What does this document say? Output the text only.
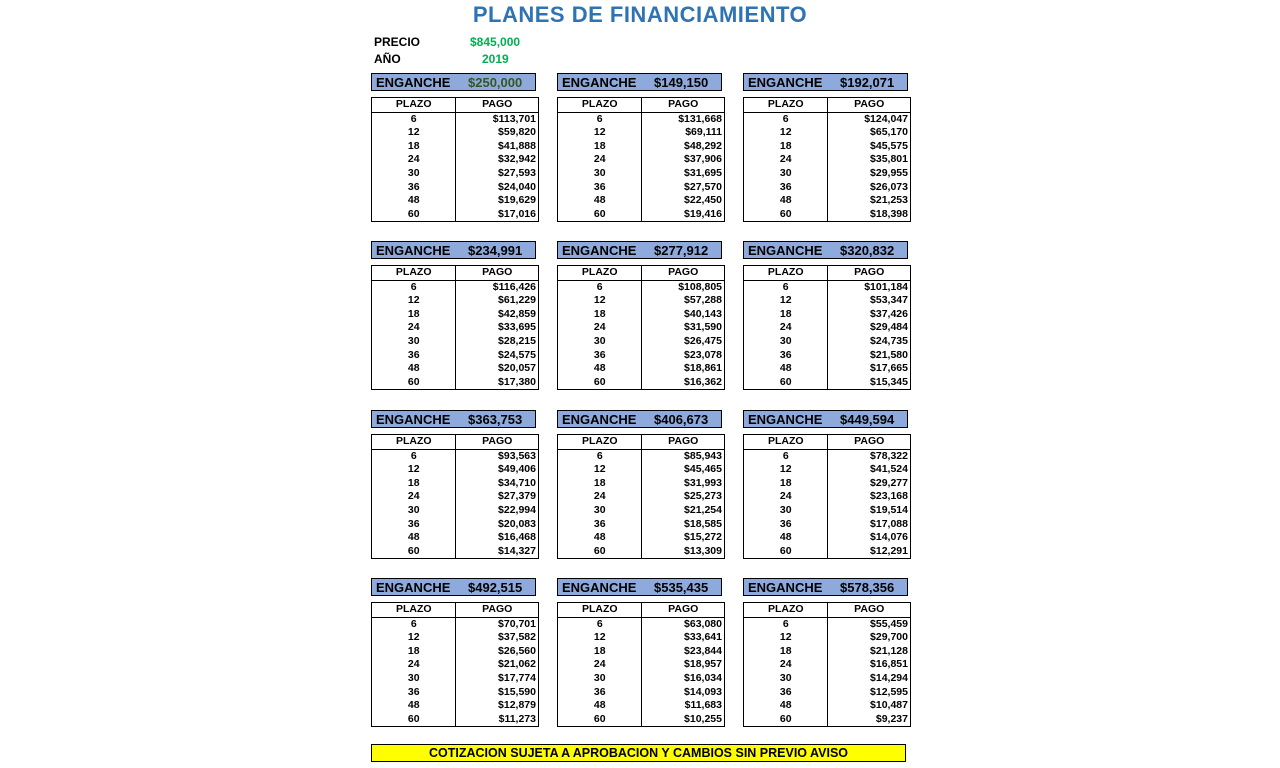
PLANES DE FINANCIAMIENTO
PRECIO	$845,000
AÑO	2019
ENGANCHE $250,000
PLAZO	PAGO
6	$113,701
12	$59,820
18	$41,888
24	$32,942
30	$27,593
36	$24,040
48	$19,629
60	$17,016
ENGANCHE $149,150
PLAZO	PAGO
6	$131,668
12	$69,111
18	$48,292
24	$37,906
30	$31,695
36	$27,570
48	$22,450
60	$19,416
ENGANCHE $192,071
PLAZO	PAGO
6	$124,047
12	$65,170
18	$45,575
24	$35,801
30	$29,955
36	$26,073
48	$21,253
60	$18,398
ENGANCHE $234,991
PLAZO	PAGO
6	$116,426
12	$61,229
18	$42,859
24	$33,695
30	$28,215
36	$24,575
48	$20,057
60	$17,380
ENGANCHE $277,912
PLAZO	PAGO
6	$108,805
12	$57,288
18	$40,143
24	$31,590
30	$26,475
36	$23,078
48	$18,861
60	$16,362
ENGANCHE $320,832
PLAZO	PAGO
6	$101,184
12	$53,347
18	$37,426
24	$29,484
30	$24,735
36	$21,580
48	$17,665
60	$15,345
ENGANCHE $363,753
PLAZO	PAGO
6	$93,563
12	$49,406
18	$34,710
24	$27,379
30	$22,994
36	$20,083
48	$16,468
60	$14,327
ENGANCHE $406,673
PLAZO	PAGO
6	$85,943
12	$45,465
18	$31,993
24	$25,273
30	$21,254
36	$18,585
48	$15,272
60	$13,309
ENGANCHE $449,594
PLAZO	PAGO
6	$78,322
12	$41,524
18	$29,277
24	$23,168
30	$19,514
36	$17,088
48	$14,076
60	$12,291
ENGANCHE $492,515
PLAZO	PAGO
6	$70,701
12	$37,582
18	$26,560
24	$21,062
30	$17,774
36	$15,590
48	$12,879
60	$11,273
ENGANCHE $535,435
PLAZO	PAGO
6	$63,080
12	$33,641
18	$23,844
24	$18,957
30	$16,034
36	$14,093
48	$11,683
60	$10,255
ENGANCHE $578,356
PLAZO	PAGO
6	$55,459
12	$29,700
18	$21,128
24	$16,851
30	$14,294
36	$12,595
48	$10,487
60	$9,237
COTIZACION SUJETA A APROBACION Y CAMBIOS SIN PREVIO AVISO
